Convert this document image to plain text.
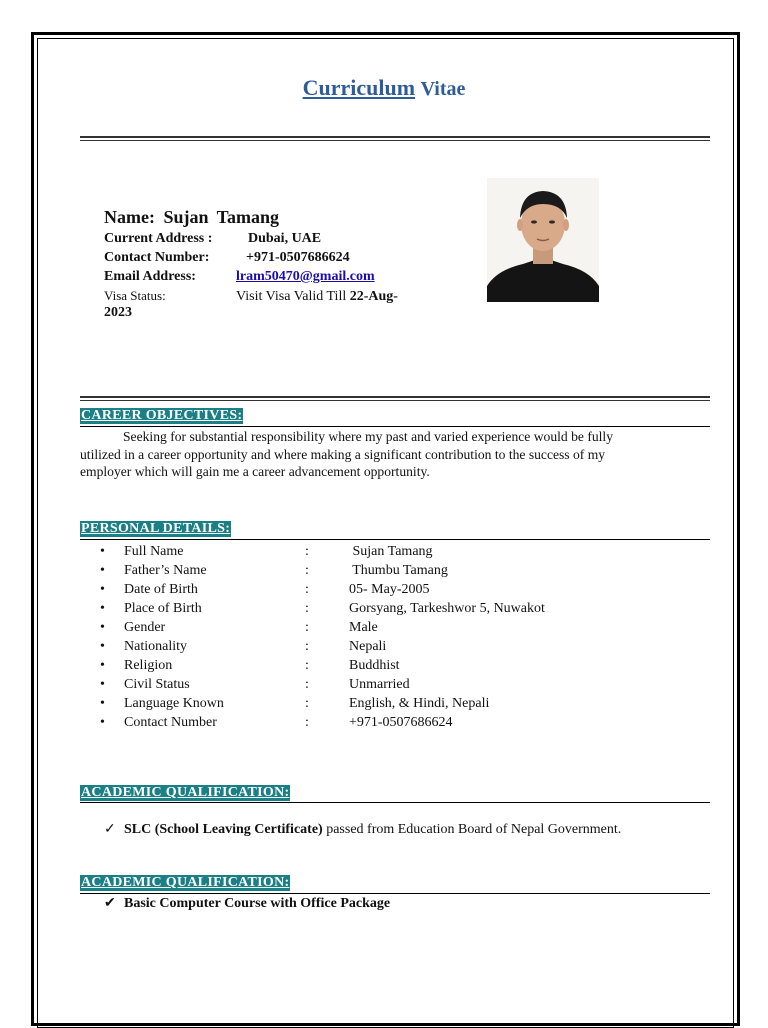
Curriculum Vitae
Name: Sujan Tamang
Current Address :	Dubai, UAE
Contact Number:	+971-0507686624
Email Address:	lram50470@gmail.com
Visa Status:	Visit Visa Valid Till 22-Aug-
2023
CAREER OBJECTIVES:
Seeking for substantial responsibility where my past and varied experience would be fully
utilized in a career opportunity and where making a significant contribution to the success of my
employer which will gain me a career advancement opportunity.
PERSONAL DETAILS:
• Full Name	:	Sujan Tamang
• Father’s Name	:	Thumbu Tamang
• Date of Birth	:	05- May-2005
• Place of Birth	:	Gorsyang, Tarkeshwor 5, Nuwakot
• Gender	:	Male
• Nationality	:	Nepali
• Religion	:	Buddhist
• Civil Status	:	Unmarried
• Language Known	:	English, & Hindi, Nepali
• Contact Number	:	+971-0507686624
ACADEMIC QUALIFICATION:
✓ SLC (School Leaving Certificate) passed from Education Board of Nepal Government.
ACADEMIC QUALIFICATION:
✔ Basic Computer Course with Office Package
